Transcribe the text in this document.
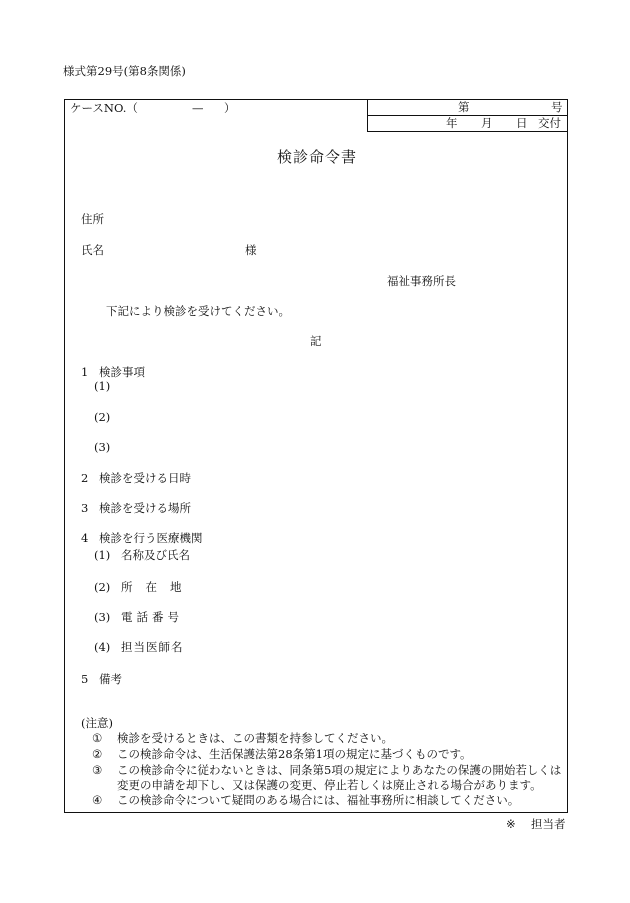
様式第29号(第8条関係)
ケースNO.（	— ）	第	号
年 月 日 交付
検診命令書
住所
氏名	様
福祉事務所長
下記により検診を受けてください。
記
1 検診事項
(1)
(2)
(3)
2 検診を受ける日時
3 検診を受ける場所
4 検診を行う医療機関
(1) 名称及び氏名
(2) 所在地
(3) 電話番号
(4) 担当医師名
5 備考
(注意)
① 検診を受けるときは、この書類を持参してください。
② この検診命令は、生活保護法第28条第1項の規定に基づくものです。
③ この検診命令に従わないときは、同条第5項の規定によりあなたの保護の開始若しくは
変更の申請を却下し、又は保護の変更、停止若しくは廃止される場合があります。
④ この検診命令について疑問のある場合には、福祉事務所に相談してください。
※ 担当者
